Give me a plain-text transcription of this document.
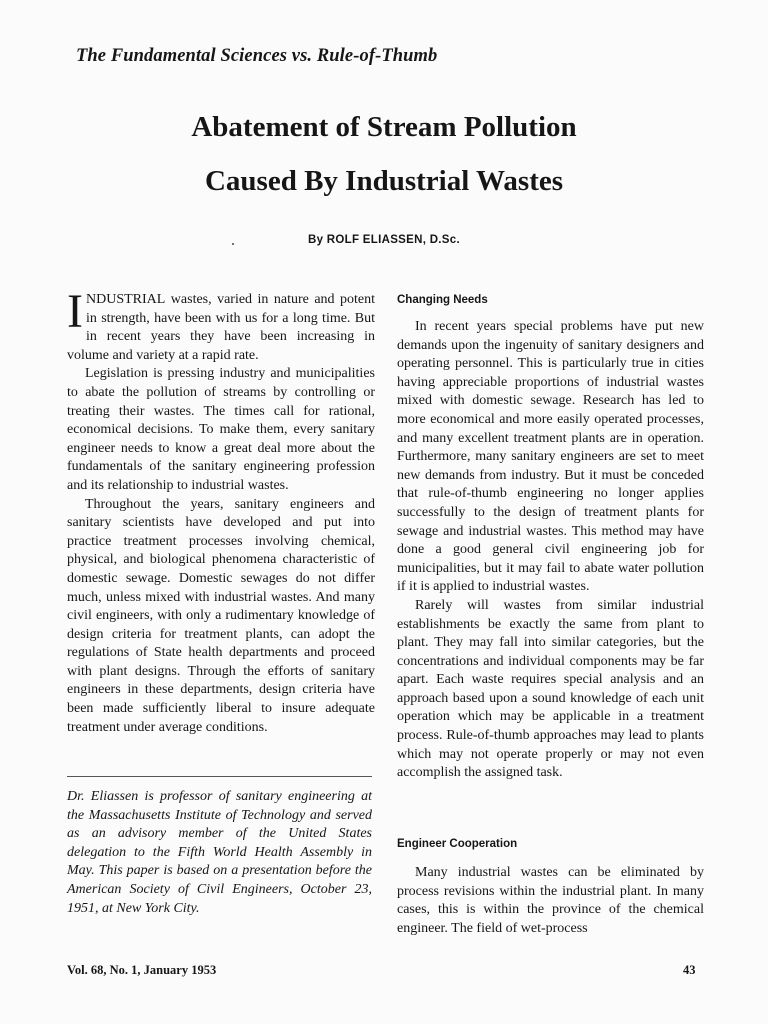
The Fundamental Sciences vs. Rule-of-Thumb
Abatement of Stream Pollution
Caused By Industrial Wastes
By ROLF ELIASSEN, D.Sc.

INDUSTRIAL wastes, varied in nature and potent in strength, have been with us for a long time. But in recent years they have been increasing in volume and variety at a rapid rate.

Legislation is pressing industry and municipalities to abate the pollution of streams by controlling or treating their wastes. The times call for rational, economical decisions. To make them, every sanitary engineer needs to know a great deal more about the fundamentals of the sanitary engineering profession and its relationship to industrial wastes.

Throughout the years, sanitary engineers and sanitary scientists have developed and put into practice treatment processes involving chemical, physical, and biological phenomena characteristic of domestic sewage. Domestic sewages do not differ much, unless mixed with industrial wastes. And many civil engineers, with only a rudimentary knowledge of design criteria for treatment plants, can adopt the regulations of State health departments and proceed with plant designs. Through the efforts of sanitary engineers in these departments, design criteria have been made sufficiently liberal to insure adequate treatment under average conditions.

Dr. Eliassen is professor of sanitary engineering at the Massachusetts Institute of Technology and served as an advisory member of the United States delegation to the Fifth World Health Assembly in May. This paper is based on a presentation before the American Society of Civil Engineers, October 23, 1951, at New York City.
Changing Needs

In recent years special problems have put new demands upon the ingenuity of sanitary designers and operating personnel. This is particularly true in cities having appreciable proportions of industrial wastes mixed with domestic sewage. Research has led to more economical and more easily operated processes, and many excellent treatment plants are in operation. Furthermore, many sanitary engineers are set to meet new demands from industry. But it must be conceded that rule-of-thumb engineering no longer applies successfully to the design of treatment plants for sewage and industrial wastes. This method may have done a good general civil engineering job for municipalities, but it may fail to abate water pollution if it is applied to industrial wastes.

Rarely will wastes from similar industrial establishments be exactly the same from plant to plant. They may fall into similar categories, but the concentrations and individual components may be far apart. Each waste requires special analysis and an approach based upon a sound knowledge of each unit operation which may be applicable in a treatment process. Rule-of-thumb approaches may lead to plants which may not operate properly or may not even accomplish the assigned task.

Engineer Cooperation

Many industrial wastes can be eliminated by process revisions within the industrial plant. In many cases, this is within the province of the chemical engineer. The field of wet-process

Vol. 68, No. 1, January 1953	43
